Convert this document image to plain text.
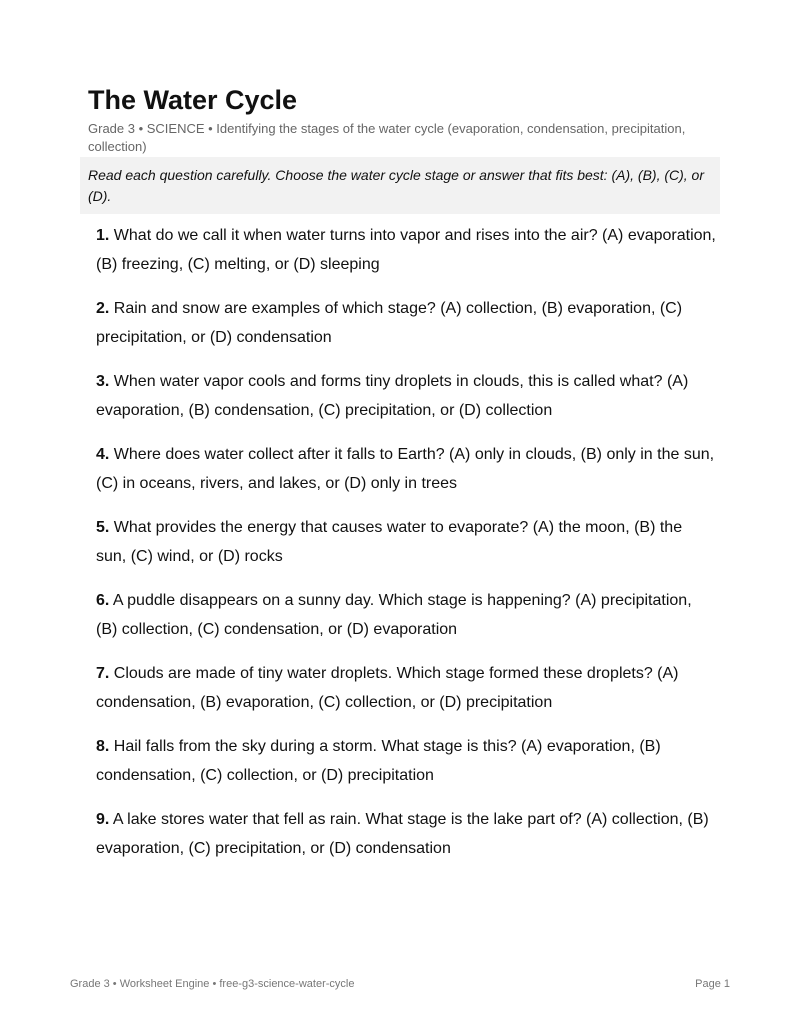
The Water Cycle
Grade 3 • SCIENCE • Identifying the stages of the water cycle (evaporation, condensation, precipitation, collection)
Read each question carefully. Choose the water cycle stage or answer that fits best: (A), (B), (C), or (D).
1. What do we call it when water turns into vapor and rises into the air? (A) evaporation, (B) freezing, (C) melting, or (D) sleeping
2. Rain and snow are examples of which stage? (A) collection, (B) evaporation, (C) precipitation, or (D) condensation
3. When water vapor cools and forms tiny droplets in clouds, this is called what? (A) evaporation, (B) condensation, (C) precipitation, or (D) collection
4. Where does water collect after it falls to Earth? (A) only in clouds, (B) only in the sun, (C) in oceans, rivers, and lakes, or (D) only in trees
5. What provides the energy that causes water to evaporate? (A) the moon, (B) the sun, (C) wind, or (D) rocks
6. A puddle disappears on a sunny day. Which stage is happening? (A) precipitation, (B) collection, (C) condensation, or (D) evaporation
7. Clouds are made of tiny water droplets. Which stage formed these droplets? (A) condensation, (B) evaporation, (C) collection, or (D) precipitation
8. Hail falls from the sky during a storm. What stage is this? (A) evaporation, (B) condensation, (C) collection, or (D) precipitation
9. A lake stores water that fell as rain. What stage is the lake part of? (A) collection, (B) evaporation, (C) precipitation, or (D) condensation
Grade 3 • Worksheet Engine • free-g3-science-water-cycle	Page 1
